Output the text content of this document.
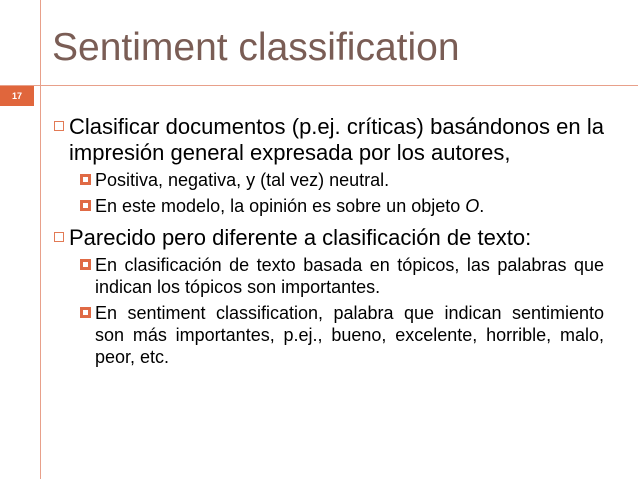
17
Sentiment classification
Clasificar documentos (p.ej. críticas) basándonos en la impresión general expresada por los autores,
Positiva, negativa, y (tal vez) neutral.
En este modelo, la opinión es sobre un objeto O.
Parecido pero diferente a clasificación de texto:
En clasificación de texto basada en tópicos, las palabras que indican los tópicos son importantes.
En sentiment classification, palabra que indican sentimiento son más importantes, p.ej., bueno, excelente, horrible, malo, peor, etc.
